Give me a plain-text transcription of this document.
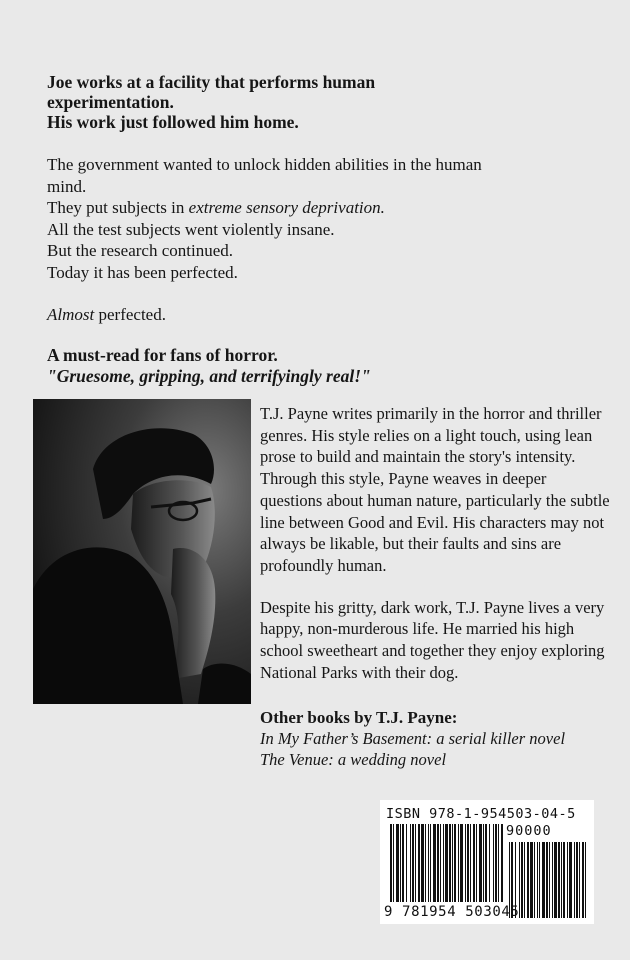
Joe works at a facility that performs human
experimentation.
His work just followed him home.

The government wanted to unlock hidden abilities in the human
mind.
They put subjects in extreme sensory deprivation.
All the test subjects went violently insane.
But the research continued.
Today it has been perfected.
Almost perfected.
A must-read for fans of horror.
"Gruesome, gripping, and terrifyingly real!"

T.J. Payne writes primarily in the horror and thriller genres. His style relies on a light touch, using lean prose to build and maintain the story's intensity. Through this style, Payne weaves in deeper questions about human nature, particularly the subtle line between Good and Evil. His characters may not always be likable, but their faults and sins are profoundly human.

Despite his gritty, dark work, T.J. Payne lives a very happy, non-murderous life. He married his high school sweetheart and together they enjoy exploring National Parks with their dog.

Other books by T.J. Payne:
In My Father’s Basement: a serial killer novel
The Venue: a wedding novel
ISBN 978-1-954503-04-5
90000
9 781954 503045
